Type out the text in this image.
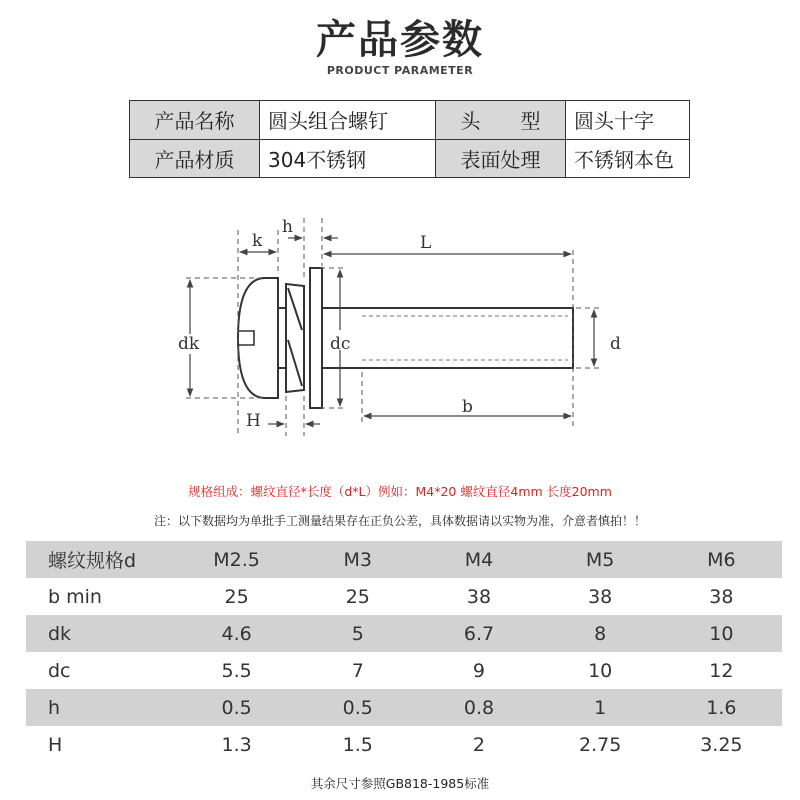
产品参数
PRODUCT PARAMETER
产品名称	圆头组合螺钉	头　　型	圆头十字
产品材质	304不锈钢	表面处理	不锈钢本色
k
h
L
dk	dc	d
b
H
规格组成：螺纹直径*长度（d*L）例如：M4*20 螺纹直径4mm 长度20mm
注：以下数据均为单批手工测量结果存在正负公差，具体数据请以实物为准，介意者慎拍！！
螺纹规格d	M2.5	M3	M4	M5	M6
b min	25	25	38	38	38
dk	4.6	5	6.7	8	10
dc	5.5	7	9	10	12
h	0.5	0.5	0.8	1	1.6
H	1.3	1.5	2	2.75	3.25
其余尺寸参照GB818-1985标准
